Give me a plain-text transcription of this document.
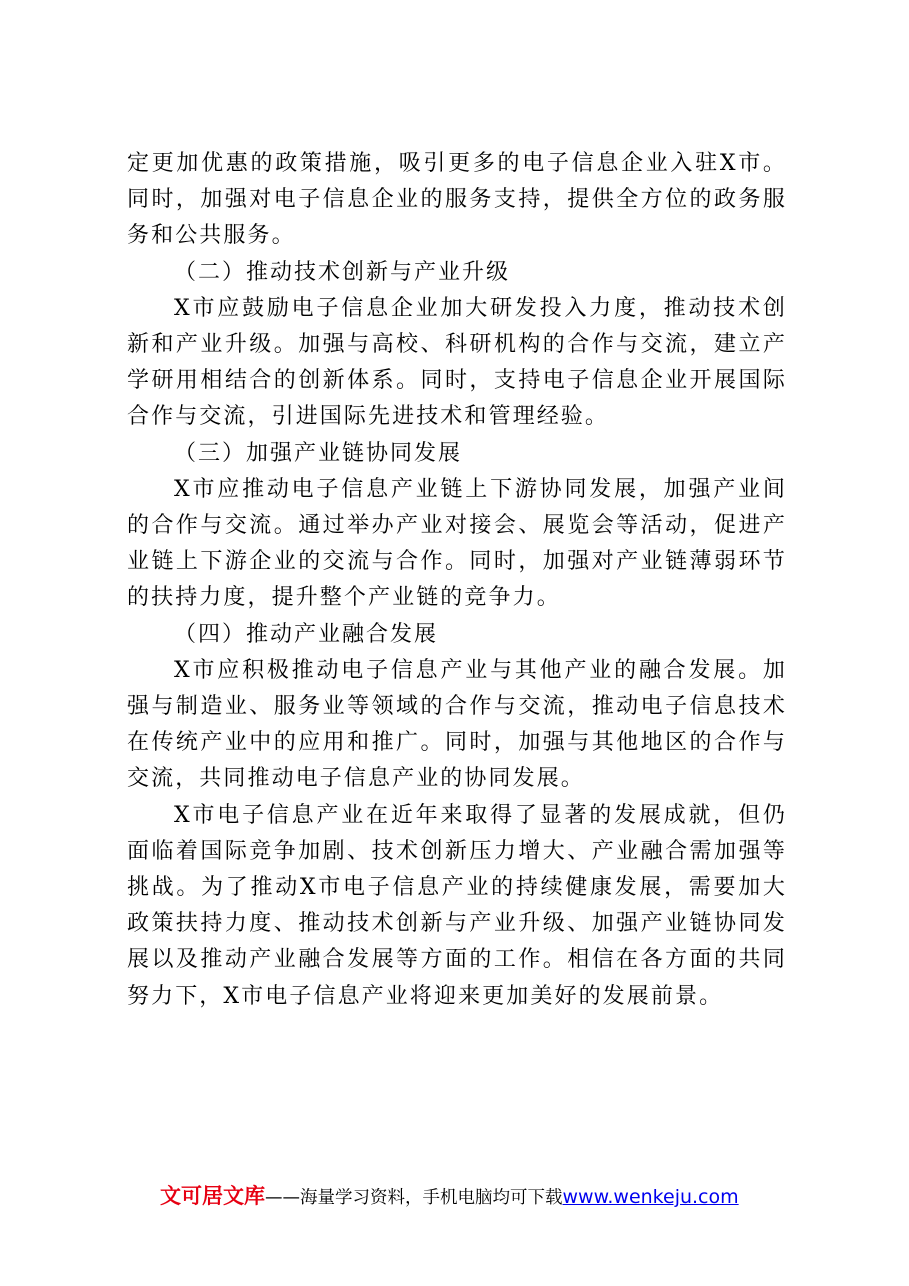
定更加优惠的政策措施，吸引更多的电子信息企业入驻X市。同时，加强对电子信息企业的服务支持，提供全方位的政务服务和公共服务。

（二）推动技术创新与产业升级

X市应鼓励电子信息企业加大研发投入力度，推动技术创新和产业升级。加强与高校、科研机构的合作与交流，建立产学研用相结合的创新体系。同时，支持电子信息企业开展国际合作与交流，引进国际先进技术和管理经验。

（三）加强产业链协同发展

X市应推动电子信息产业链上下游协同发展，加强产业间的合作与交流。通过举办产业对接会、展览会等活动，促进产业链上下游企业的交流与合作。同时，加强对产业链薄弱环节的扶持力度，提升整个产业链的竞争力。

（四）推动产业融合发展

X市应积极推动电子信息产业与其他产业的融合发展。加强与制造业、服务业等领域的合作与交流，推动电子信息技术在传统产业中的应用和推广。同时，加强与其他地区的合作与交流，共同推动电子信息产业的协同发展。

X市电子信息产业在近年来取得了显著的发展成就，但仍面临着国际竞争加剧、技术创新压力增大、产业融合需加强等挑战。为了推动X市电子信息产业的持续健康发展，需要加大政策扶持力度、推动技术创新与产业升级、加强产业链协同发展以及推动产业融合发展等方面的工作。相信在各方面的共同努力下，X市电子信息产业将迎来更加美好的发展前景。

文可居文库——海量学习资料，手机电脑均可下载www.wenkeju.com
